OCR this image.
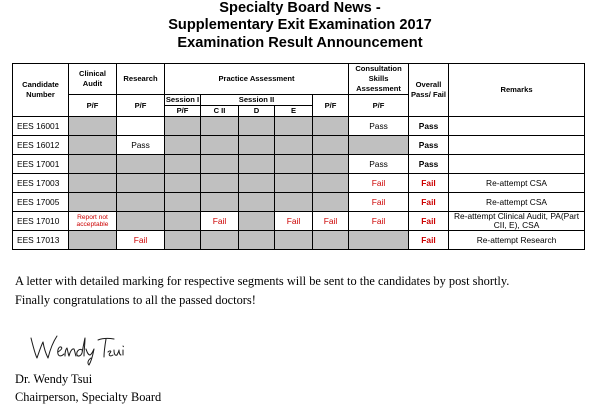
Specialty Board News -
Supplementary Exit Examination 2017
Examination Result Announcement
Candidate Number	Clinical Audit	Research	Practice Assessment					Consultation Skills Assessment	Overall Pass/ Fail	Remarks
	P/F	P/F	Session I	Session II			P/F	P/F		
			P/F	C II	D	E				
EES 16001								Pass	Pass	
EES 16012		Pass							Pass	
EES 17001								Pass	Pass	
EES 17003								Fail	Fail	Re-attempt CSA
EES 17005								Fail	Fail	Re-attempt CSA
EES 17010	Report not acceptable			Fail		Fail	Fail	Fail	Fail	Re-attempt Clinical Audit, PA(Part CII, E), CSA
EES 17013		Fail							Fail	Re-attempt Research
A letter with detailed marking for respective segments will be sent to the candidates by post shortly.
Finally congratulations to all the passed doctors!
Dr. Wendy Tsui
Chairperson, Specialty Board
